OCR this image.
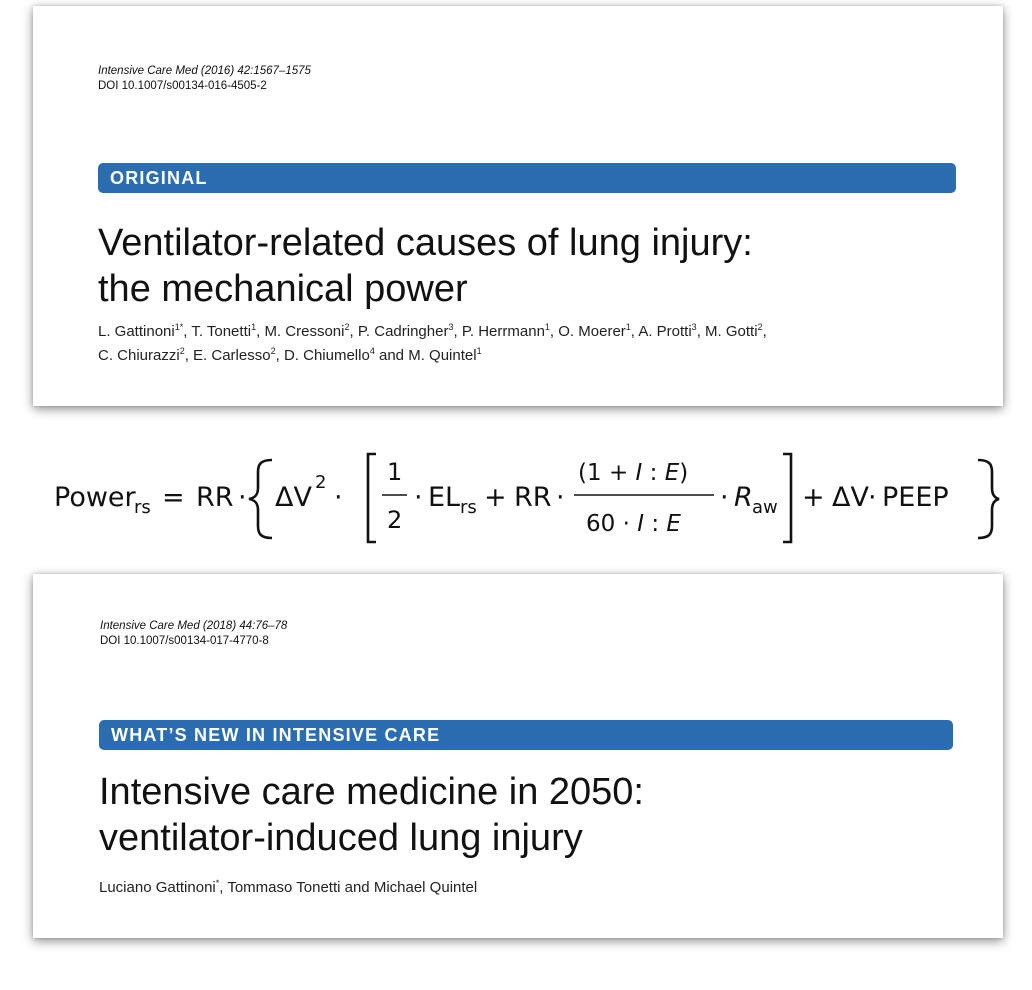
Intensive Care Med (2016) 42:1567–1575
DOI 10.1007/s00134-016-4505-2
ORIGINAL
Ventilator-related causes of lung injury:
the mechanical power
L. Gattinoni$^{1*}$, T. Tonetti$^1$, M. Cressoni$^2$, P. Cadringher$^3$, P. Herrmann$^1$, O. Moerer$^1$, A. Protti$^3$, M. Gotti$^2$,
C. Chiurazzi$^2$, E. Carlesso$^2$, D. Chiumello$^4$ and M. Quintel$^1$
Power
rs = RR · ΔV 2 ·
1
2
· EL rs + RR ·
(1 + I : E)
60 · I : E
· R aw + ΔV · PEEP
Intensive Care Med (2018) 44:76–78
DOI 10.1007/s00134-017-4770-8
WHAT’S NEW IN INTENSIVE CARE
Intensive care medicine in 2050:
ventilator-induced lung injury
Luciano Gattinoni*, Tommaso Tonetti and Michael Quintel
